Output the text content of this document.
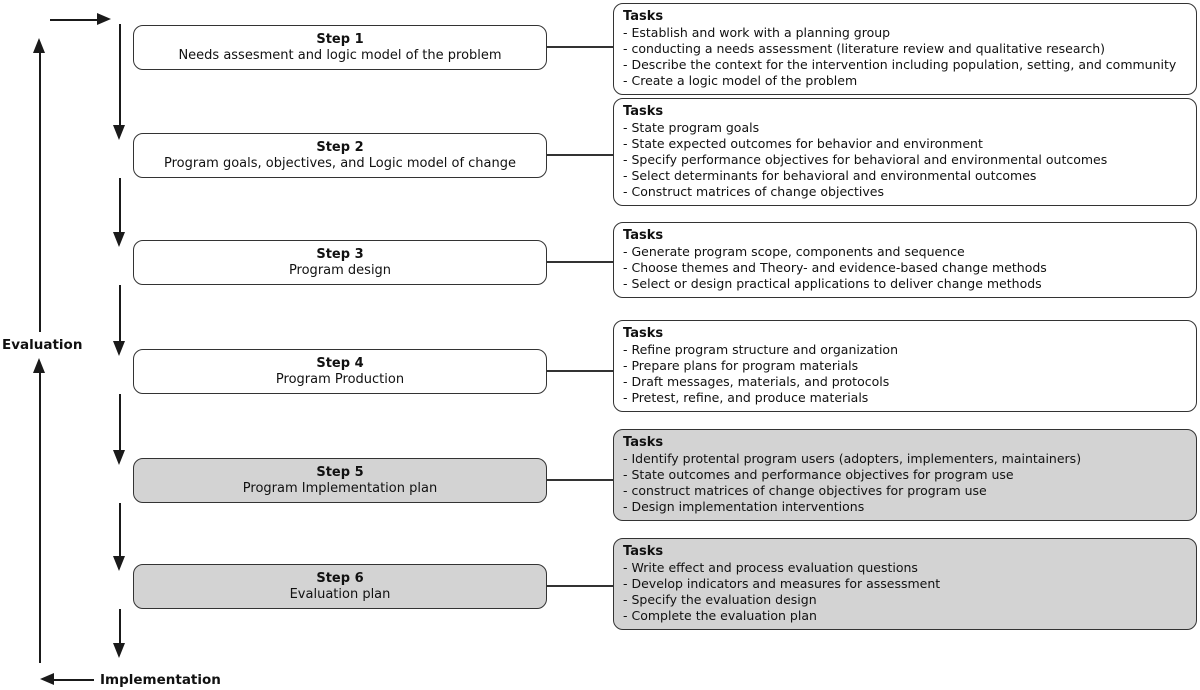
Evaluation
Implementation
Step 1
Needs assesment and logic model of the problem
Tasks
- Establish and work with a planning group
- conducting a needs assessment (literature review and qualitative research)
- Describe the context for the intervention including population, setting, and community
- Create a logic model of the problem
Step 2
Program goals, objectives, and Logic model of change
Tasks
- State program goals
- State expected outcomes for behavior and environment
- Specify performance objectives for behavioral and environmental outcomes
- Select determinants for behavioral and environmental outcomes
- Construct matrices of change objectives
Step 3
Program design
Tasks
- Generate program scope, components and sequence
- Choose themes and Theory- and evidence-based change methods
- Select or design practical applications to deliver change methods
Step 4
Program Production
Tasks
- Refine program structure and organization
- Prepare plans for program materials
- Draft messages, materials, and protocols
- Pretest, refine, and produce materials
Step 5
Program Implementation plan
Tasks
- Identify protental program users (adopters, implementers, maintainers)
- State outcomes and performance objectives for program use
- construct matrices of change objectives for program use
- Design implementation interventions
Step 6
Evaluation plan
Tasks
- Write effect and process evaluation questions
- Develop indicators and measures for assessment
- Specify the evaluation design
- Complete the evaluation plan
